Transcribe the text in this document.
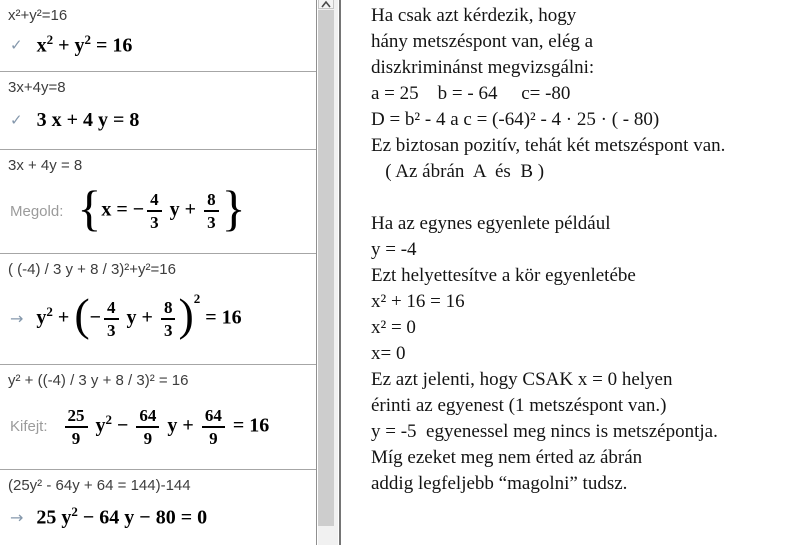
x²+y²=16
✓ $x^2 + y^2 = 16$
3x+4y=8
✓ 3 x + 4 y = 8
3x + 4y = 8
Megold: {x = − $\frac{4}{3}$ $y + \frac{8}{3}$ }
( (-4) / 3 y + 8 / 3)²+y²=16
→ $y^2$ + (− $\frac{4}{3}$ $y + \frac{8}{3} )^2 = 16$
y² + ((-4) / 3 y + 8 / 3)² = 16
Kifejt: $\frac{25}{9} y^2 - \frac{64}{9}$ $y + \frac{64}{9} = 16$
(25y² - 64y + 64 = 144)-144
→ 25 $y^2 - 64$ y − 80 = 0
Ha csak azt kérdezik, hogy
hány metszéspont van, elég a
diszkriminánst megvizsgálni:
a = 25    b = - 64     c= -80
D = b² - 4 a c = (-64)² - 4 · 25 · ( - 80)
Ez biztosan pozitív, tehát két metszéspont van.
( Az ábrán  A  és  B )
Ha az egynes egyenlete például
y = -4
Ezt helyettesítve a kör egyenletébe
x² + 16 = 16
x² = 0
x= 0
Ez azt jelenti, hogy CSAK x = 0 helyen
érinti az egyenest (1 metszéspont van.)
y = -5  egyenessel meg nincs is metszépontja.
Míg ezeket meg nem érted az ábrán
addig legfeljebb “magolni” tudsz.
